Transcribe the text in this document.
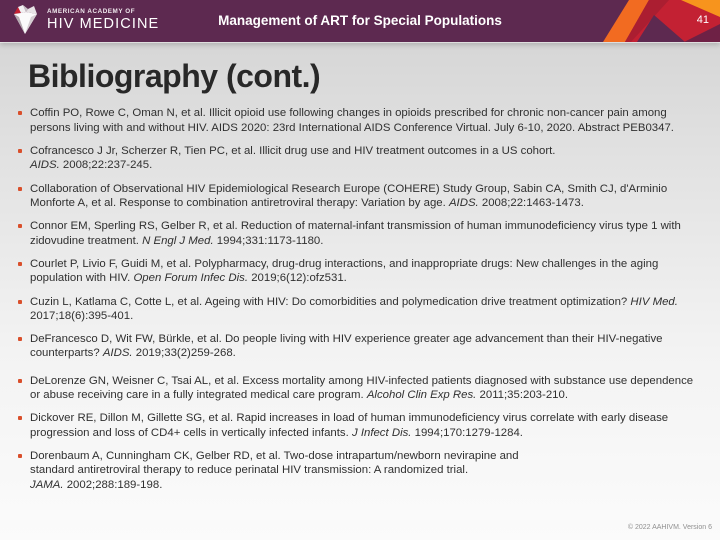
AMERICAN ACADEMY OF
HIV MEDICINE	Management of ART for Special Populations	41
Bibliography (cont.)
Coffin PO, Rowe C, Oman N, et al. Illicit opioid use following changes in opioids prescribed for chronic non-cancer pain among persons living with and without HIV. AIDS 2020: 23rd International AIDS Conference Virtual. July 6-10, 2020. Abstract PEB0347.
Cofrancesco J Jr, Scherzer R, Tien PC, et al. Illicit drug use and HIV treatment outcomes in a US cohort.
AIDS. 2008;22:237-245.
Collaboration of Observational HIV Epidemiological Research Europe (COHERE) Study Group, Sabin CA, Smith CJ, d'Arminio Monforte A, et al. Response to combination antiretroviral therapy: Variation by age. AIDS. 2008;22:1463-1473.
Connor EM, Sperling RS, Gelber R, et al. Reduction of maternal-infant transmission of human immunodeficiency virus type 1 with zidovudine treatment. N Engl J Med. 1994;331:1173-1180.
Courlet P, Livio F, Guidi M, et al. Polypharmacy, drug-drug interactions, and inappropriate drugs: New challenges in the aging population with HIV. Open Forum Infec Dis. 2019;6(12):ofz531.
Cuzin L, Katlama C, Cotte L, et al. Ageing with HIV: Do comorbidities and polymedication drive treatment optimization? HIV Med. 2017;18(6):395-401.
DeFrancesco D, Wit FW, Bürkle, et al. Do people living with HIV experience greater age advancement than their HIV-negative counterparts? AIDS. 2019;33(2)259-268.
DeLorenze GN, Weisner C, Tsai AL, et al. Excess mortality among HIV-infected patients diagnosed with substance use dependence or abuse receiving care in a fully integrated medical care program. Alcohol Clin Exp Res. 2011;35:203-210.
Dickover RE, Dillon M, Gillette SG, et al. Rapid increases in load of human immunodeficiency virus correlate with early disease progression and loss of CD4+ cells in vertically infected infants. J Infect Dis. 1994;170:1279-1284.
Dorenbaum A, Cunningham CK, Gelber RD, et al. Two-dose intrapartum/newborn nevirapine and
standard antiretroviral therapy to reduce perinatal HIV transmission: A randomized trial.
JAMA. 2002;288:189-198.
© 2022 AAHIVM. Version 6
